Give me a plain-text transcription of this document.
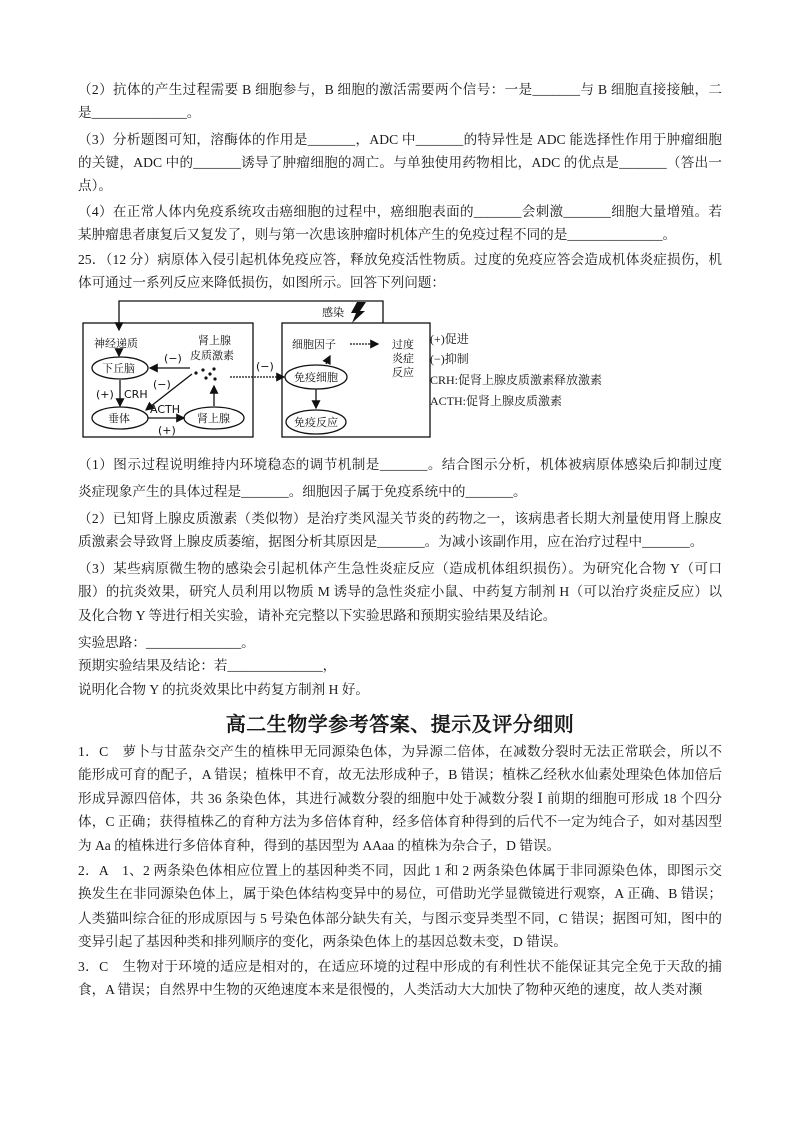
（2）抗体的产生过程需要 B 细胞参与，B 细胞的激活需要两个信号：一是_______与 B 细胞直接接触，二
是______________。
（3）分析题图可知，溶酶体的作用是_______，ADC 中_______的特异性是 ADC 能选择性作用于肿瘤细胞
的关键，ADC 中的_______诱导了肿瘤细胞的凋亡。与单独使用药物相比，ADC 的优点是_______（答出一
点）。
（4）在正常人体内免疫系统攻击癌细胞的过程中，癌细胞表面的_______会刺激_______细胞大量增殖。若
某肿瘤患者康复后又复发了，则与第一次患该肿瘤时机体产生的免疫过程不同的是______________。
25．（12 分）病原体入侵引起机体免疫应答，释放免疫活性物质。过度的免疫应答会造成机体炎症损伤，机
体可通过一系列反应来降低损伤，如图所示。回答下列问题：
神经递质
下丘脑
垂体	肾上腺
肾上腺
皮质激素
CRH
ACTH
(+)
(+)
(−)
(−)
(−)
感染
细胞因子	过度
炎症
反应
免疫细胞
免疫反应
(+)促进
(−)抑制
CRH:促肾上腺皮质激素释放激素
ACTH:促肾上腺皮质激素
（1）图示过程说明维持内环境稳态的调节机制是_______。结合图示分析，机体被病原体感染后抑制过度
炎症现象产生的具体过程是_______。细胞因子属于免疫系统中的_______。
（2）已知肾上腺皮质激素（类似物）是治疗类风湿关节炎的药物之一，该病患者长期大剂量使用肾上腺皮
质激素会导致肾上腺皮质萎缩，据图分析其原因是_______。为减小该副作用，应在治疗过程中_______。
（3）某些病原微生物的感染会引起机体产生急性炎症反应（造成机体组织损伤）。为研究化合物 Y（可口
服）的抗炎效果，研究人员利用以物质 M 诱导的急性炎症小鼠、中药复方制剂 H（可以治疗炎症反应）以
及化合物 Y 等进行相关实验，请补充完整以下实验思路和预期实验结果及结论。
实验思路：______________。
预期实验结果及结论：若______________，
说明化合物 Y 的抗炎效果比中药复方制剂 H 好。
高二生物学参考答案、提示及评分细则
1．C　萝卜与甘蓝杂交产生的植株甲无同源染色体，为异源二倍体，在减数分裂时无法正常联会，所以不
能形成可育的配子，A 错误；植株甲不育，故无法形成种子，B 错误；植株乙经秋水仙素处理染色体加倍后
形成异源四倍体，共 36 条染色体，其进行减数分裂的细胞中处于减数分裂 Ⅰ 前期的细胞可形成 18 个四分
体，C 正确；获得植株乙的育种方法为多倍体育种，经多倍体育种得到的后代不一定为纯合子，如对基因型
为 Aa 的植株进行多倍体育种，得到的基因型为 AAaa 的植株为杂合子，D 错误。
2．A　1、2 两条染色体相应位置上的基因种类不同，因此 1 和 2 两条染色体属于非同源染色体，即图示交
换发生在非同源染色体上，属于染色体结构变异中的易位，可借助光学显微镜进行观察，A 正确、B 错误；
人类猫叫综合征的形成原因与 5 号染色体部分缺失有关，与图示变异类型不同，C 错误；据图可知，图中的
变异引起了基因种类和排列顺序的变化，两条染色体上的基因总数未变，D 错误。
3．C　生物对于环境的适应是相对的，在适应环境的过程中形成的有利性状不能保证其完全免于天敌的捕
食，A 错误；自然界中生物的灭绝速度本来是很慢的，人类活动大大加快了物种灭绝的速度，故人类对濒
